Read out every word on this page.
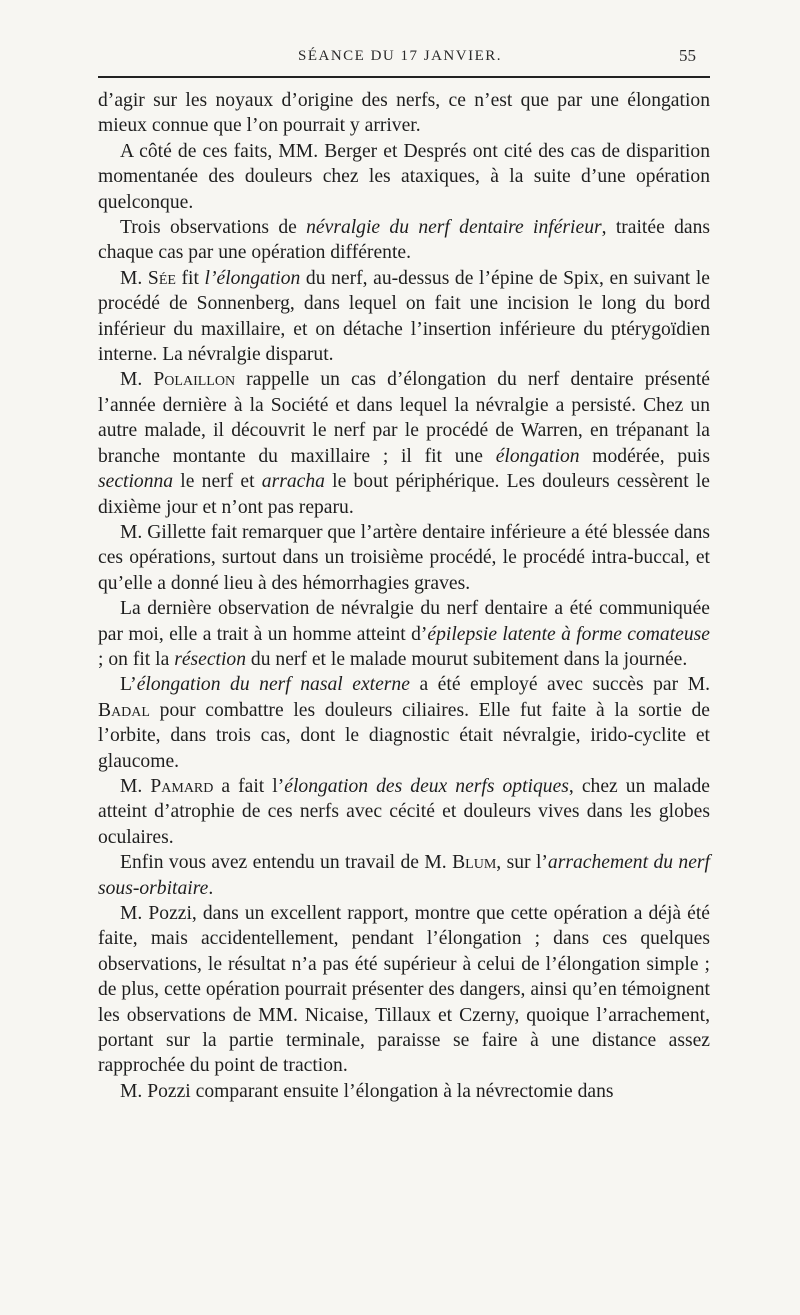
SÉANCE DU 17 JANVIER.	55

d’agir sur les noyaux d’origine des nerfs, ce n’est que par une élongation mieux connue que l’on pourrait y arriver.

A côté de ces faits, MM. Berger et Després ont cité des cas de disparition momentanée des douleurs chez les ataxiques, à la suite d’une opération quelconque.

Trois observations de névralgie du nerf dentaire inférieur, traitée dans chaque cas par une opération différente.

M. Sée fit l’élongation du nerf, au-dessus de l’épine de Spix, en suivant le procédé de Sonnenberg, dans lequel on fait une incision le long du bord inférieur du maxillaire, et on détache l’insertion inférieure du ptérygoïdien interne. La névralgie disparut.

M. Polaillon rappelle un cas d’élongation du nerf dentaire présenté l’année dernière à la Société et dans lequel la névralgie a persisté. Chez un autre malade, il découvrit le nerf par le procédé de Warren, en trépanant la branche montante du maxillaire ; il fit une élongation modérée, puis sectionna le nerf et arracha le bout périphérique. Les douleurs cessèrent le dixième jour et n’ont pas reparu.

M. Gillette fait remarquer que l’artère dentaire inférieure a été blessée dans ces opérations, surtout dans un troisième procédé, le procédé intra-buccal, et qu’elle a donné lieu à des hémorrhagies graves.

La dernière observation de névralgie du nerf dentaire a été communiquée par moi, elle a trait à un homme atteint d’épilepsie latente à forme comateuse ; on fit la résection du nerf et le malade mourut subitement dans la journée.

L’élongation du nerf nasal externe a été employé avec succès par M. Badal pour combattre les douleurs ciliaires. Elle fut faite à la sortie de l’orbite, dans trois cas, dont le diagnostic était névralgie, irido-cyclite et glaucome.

M. Pamard a fait l’élongation des deux nerfs optiques, chez un malade atteint d’atrophie de ces nerfs avec cécité et douleurs vives dans les globes oculaires.

Enfin vous avez entendu un travail de M. Blum, sur l’arrachement du nerf sous-orbitaire.

M. Pozzi, dans un excellent rapport, montre que cette opération a déjà été faite, mais accidentellement, pendant l’élongation ; dans ces quelques observations, le résultat n’a pas été supérieur à celui de l’élongation simple ; de plus, cette opération pourrait présenter des dangers, ainsi qu’en témoignent les observations de MM. Nicaise, Tillaux et Czerny, quoique l’arrachement, portant sur la partie terminale, paraisse se faire à une distance assez rapprochée du point de traction.

M. Pozzi comparant ensuite l’élongation à la névrectomie dans
